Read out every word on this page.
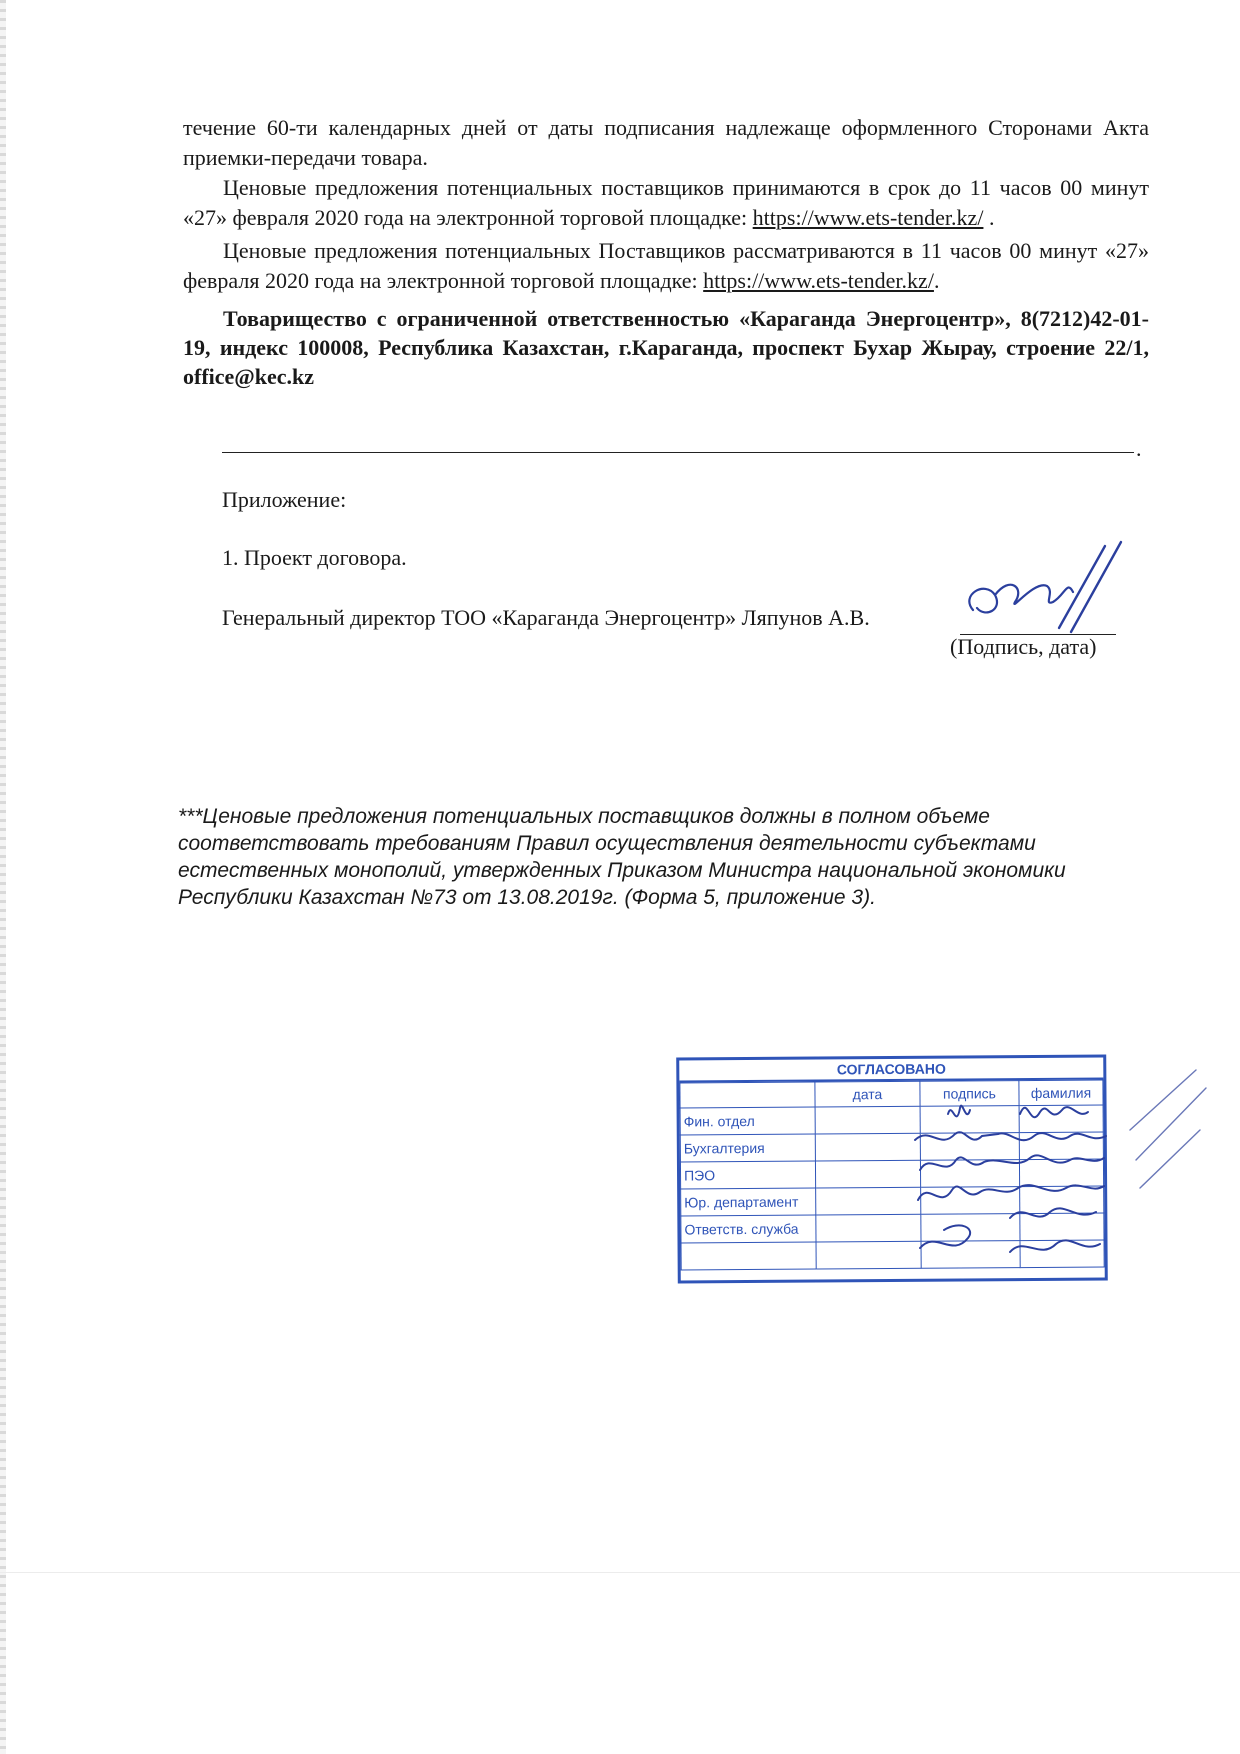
течение 60-ти календарных дней от даты подписания надлежаще оформленного Сторонами Акта приемки-передачи товара.

Ценовые предложения потенциальных поставщиков принимаются в срок до 11 часов 00 минут «27» февраля 2020 года на электронной торговой площадке: https://www.ets-tender.kz/ .

Ценовые предложения потенциальных Поставщиков рассматриваются в 11 часов 00 минут «27» февраля 2020 года на электронной торговой площадке: https://www.ets-tender.kz/.

Товарищество с ограниченной ответственностью «Караганда Энергоцентр», 8(7212)42-01-19, индекс 100008, Республика Казахстан, г.Караганда, проспект Бухар Жырау, строение 22/1, office@kec.kz

.
Приложение:
1. Проект договора.
Генеральный директор ТОО «Караганда Энергоцентр» Ляпунов А.В.
(Подпись, дата)
***Ценовые предложения потенциальных поставщиков должны в полном объеме соответствовать требованиям Правил осуществления деятельности субъектами естественных монополий, утвержденных Приказом Министра национальной экономики Республики Казахстан №73 от 13.08.2019г. (Форма 5, приложение 3).
СОГЛАСОВАНО
	дата	подпись	фамилия
Фин. отдел			
Бухгалтерия			
ПЭО			
Юр. департамент			
Ответств. служба			
